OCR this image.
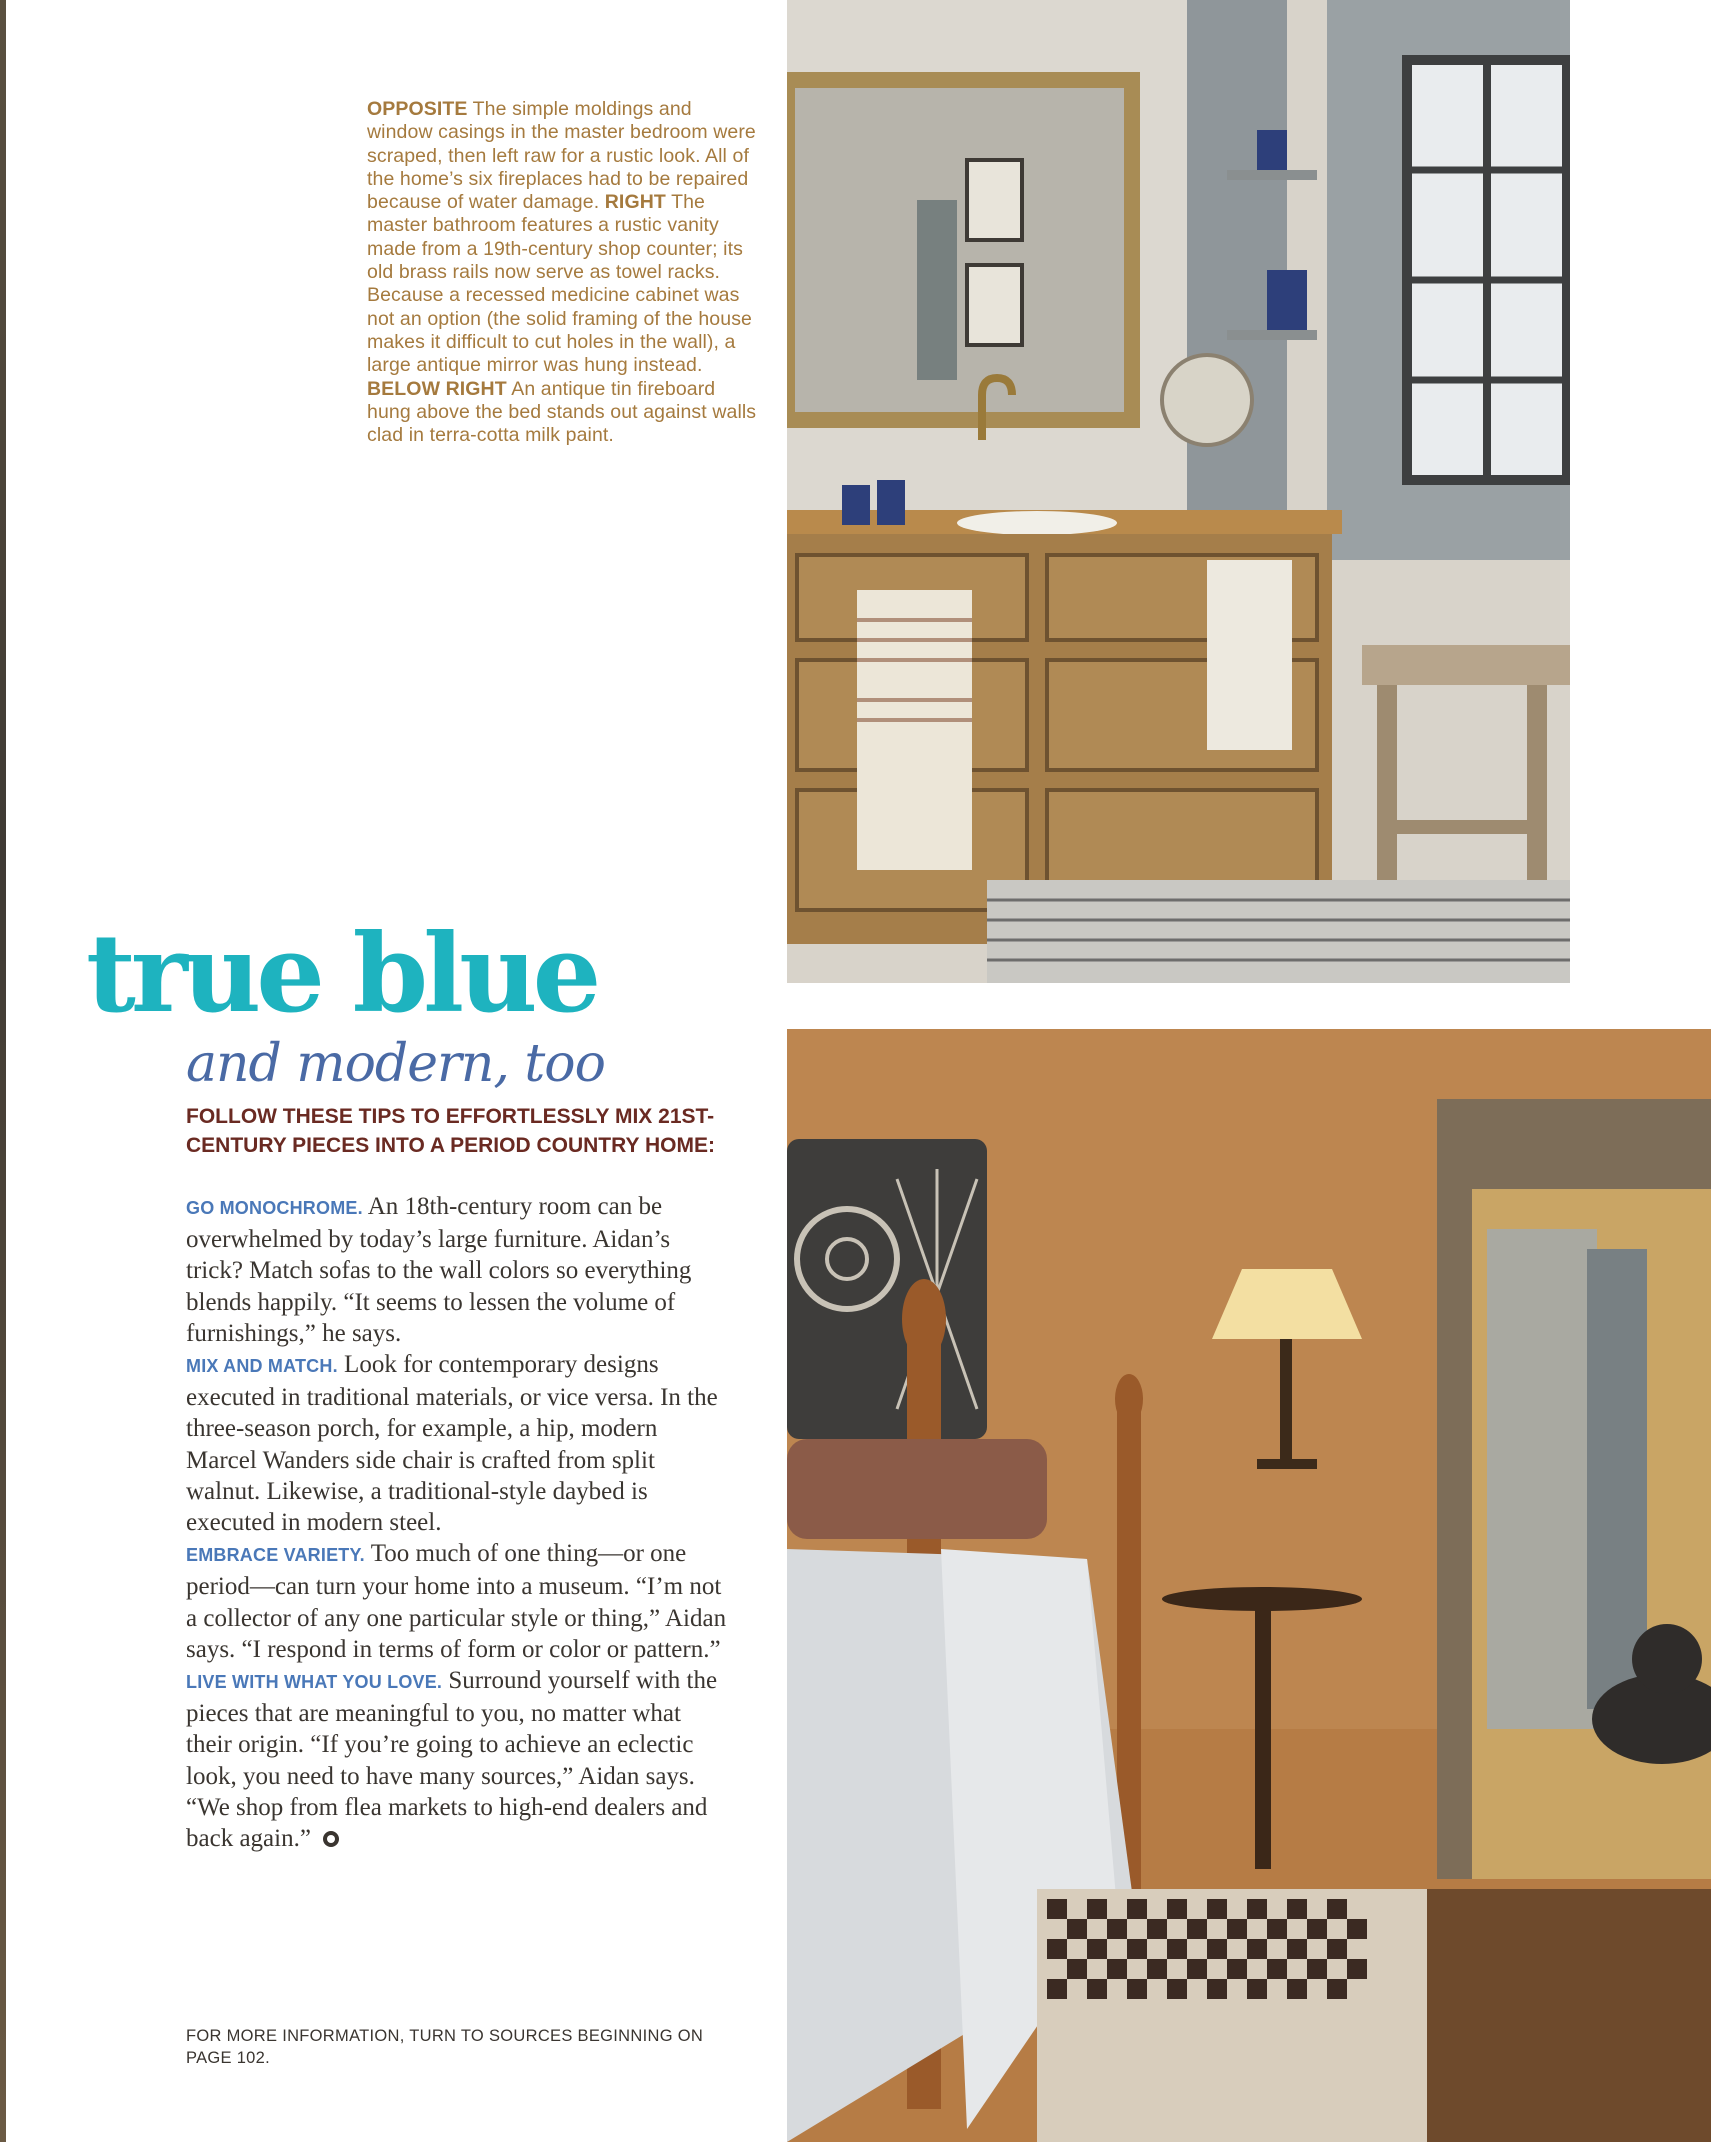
OPPOSITE The simple moldings and window casings in the master bedroom were scraped, then left raw for a rustic look. All of the home’s six fireplaces had to be repaired because of water damage. RIGHT The master bathroom features a rustic vanity made from a 19th-century shop counter; its old brass rails now serve as towel racks. Because a recessed medicine cabinet was not an option (the solid framing of the house makes it difficult to cut holes in the wall), a large antique mirror was hung instead. BELOW RIGHT An antique tin fireboard hung above the bed stands out against walls clad in terra-cotta milk paint.
true blue
and modern, too
FOLLOW THESE TIPS TO EFFORTLESSLY MIX 21ST-CENTURY PIECES INTO A PERIOD COUNTRY HOME:

GO MONOCHROME. An 18th-century room can be overwhelmed by today’s large furniture. Aidan’s trick? Match sofas to the wall colors so everything blends happily. “It seems to lessen the volume of furnishings,” he says.

MIX AND MATCH. Look for contemporary designs executed in traditional materials, or vice versa. In the three-season porch, for example, a hip, modern Marcel Wanders side chair is crafted from split walnut. Likewise, a traditional-style daybed is executed in modern steel.

EMBRACE VARIETY. Too much of one thing—or one period—can turn your home into a museum. “I’m not a collector of any one particular style or thing,” Aidan says. “I respond in terms of form or color or pattern.”

LIVE WITH WHAT YOU LOVE. Surround yourself with the pieces that are meaningful to you, no matter what their origin. “If you’re going to achieve an eclectic look, you need to have many sources,” Aidan says. “We shop from flea markets to high-end dealers and back again.”

FOR MORE INFORMATION, TURN TO SOURCES BEGINNING ON PAGE 102.
